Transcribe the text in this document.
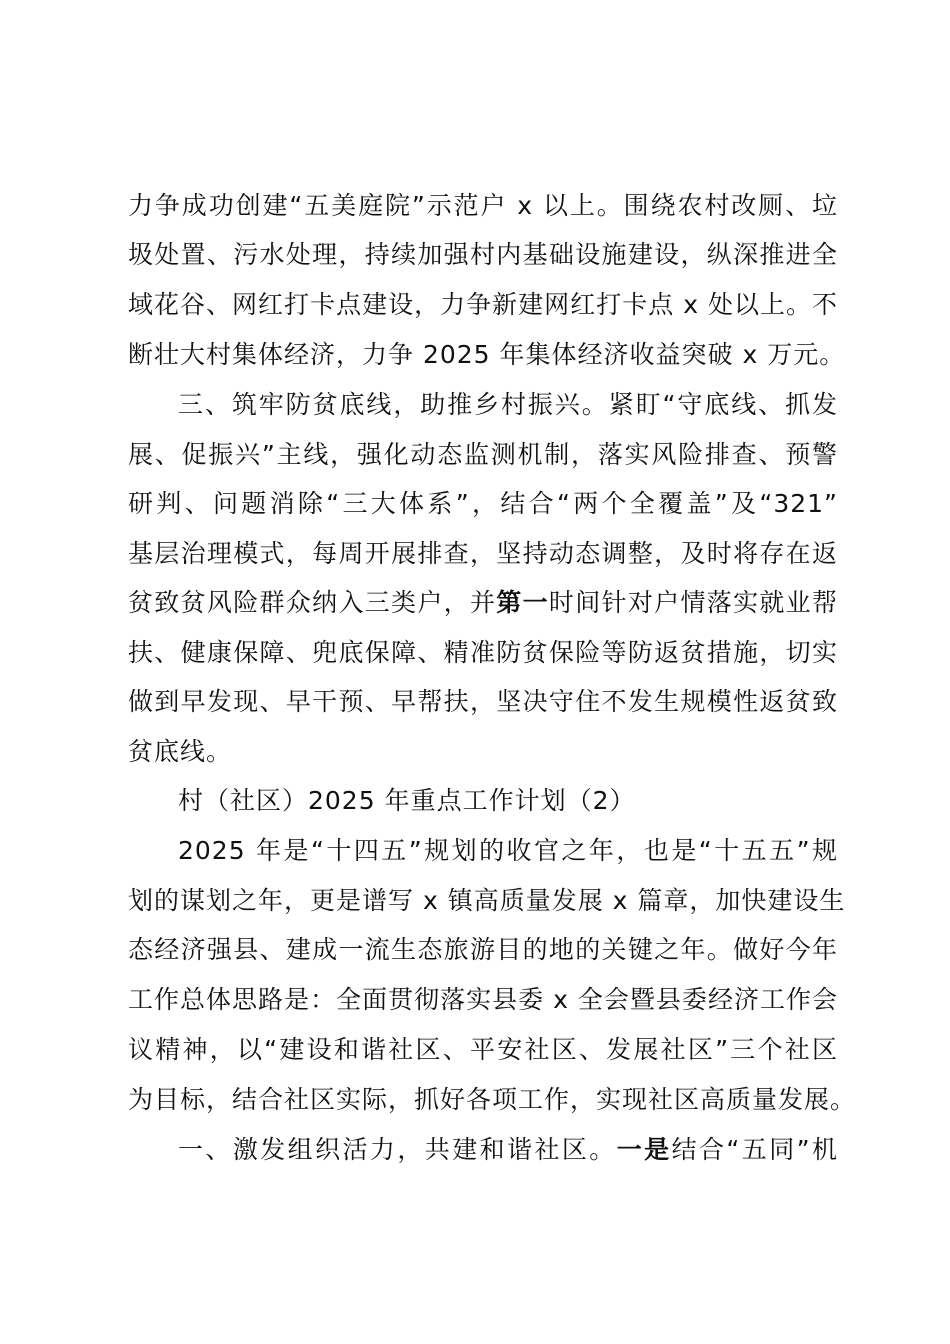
力争成功创建“五美庭院”示范户 x 以上。围绕农村改厕、垃
圾处置、污水处理，持续加强村内基础设施建设，纵深推进全
域花谷、网红打卡点建设，力争新建网红打卡点 x 处以上。不
断壮大村集体经济，力争 2025 年集体经济收益突破 x 万元。
三、筑牢防贫底线，助推乡村振兴。紧盯“守底线、抓发
展、促振兴”主线，强化动态监测机制，落实风险排查、预警
研判、问题消除“三大体系”，结合“两个全覆盖”及“321”
基层治理模式，每周开展排查，坚持动态调整，及时将存在返
贫致贫风险群众纳入三类户，并第一时间针对户情落实就业帮
扶、健康保障、兜底保障、精准防贫保险等防返贫措施，切实
做到早发现、早干预、早帮扶，坚决守住不发生规模性返贫致
贫底线。
村（社区）2025 年重点工作计划（2）
2025 年是“十四五”规划的收官之年，也是“十五五”规
划的谋划之年，更是谱写 x 镇高质量发展 x 篇章，加快建设生
态经济强县、建成一流生态旅游目的地的关键之年。做好今年
工作总体思路是：全面贯彻落实县委 x 全会暨县委经济工作会
议精神，以“建设和谐社区、平安社区、发展社区”三个社区
为目标，结合社区实际，抓好各项工作，实现社区高质量发展。
一、激发组织活力，共建和谐社区。一是结合“五同”机
